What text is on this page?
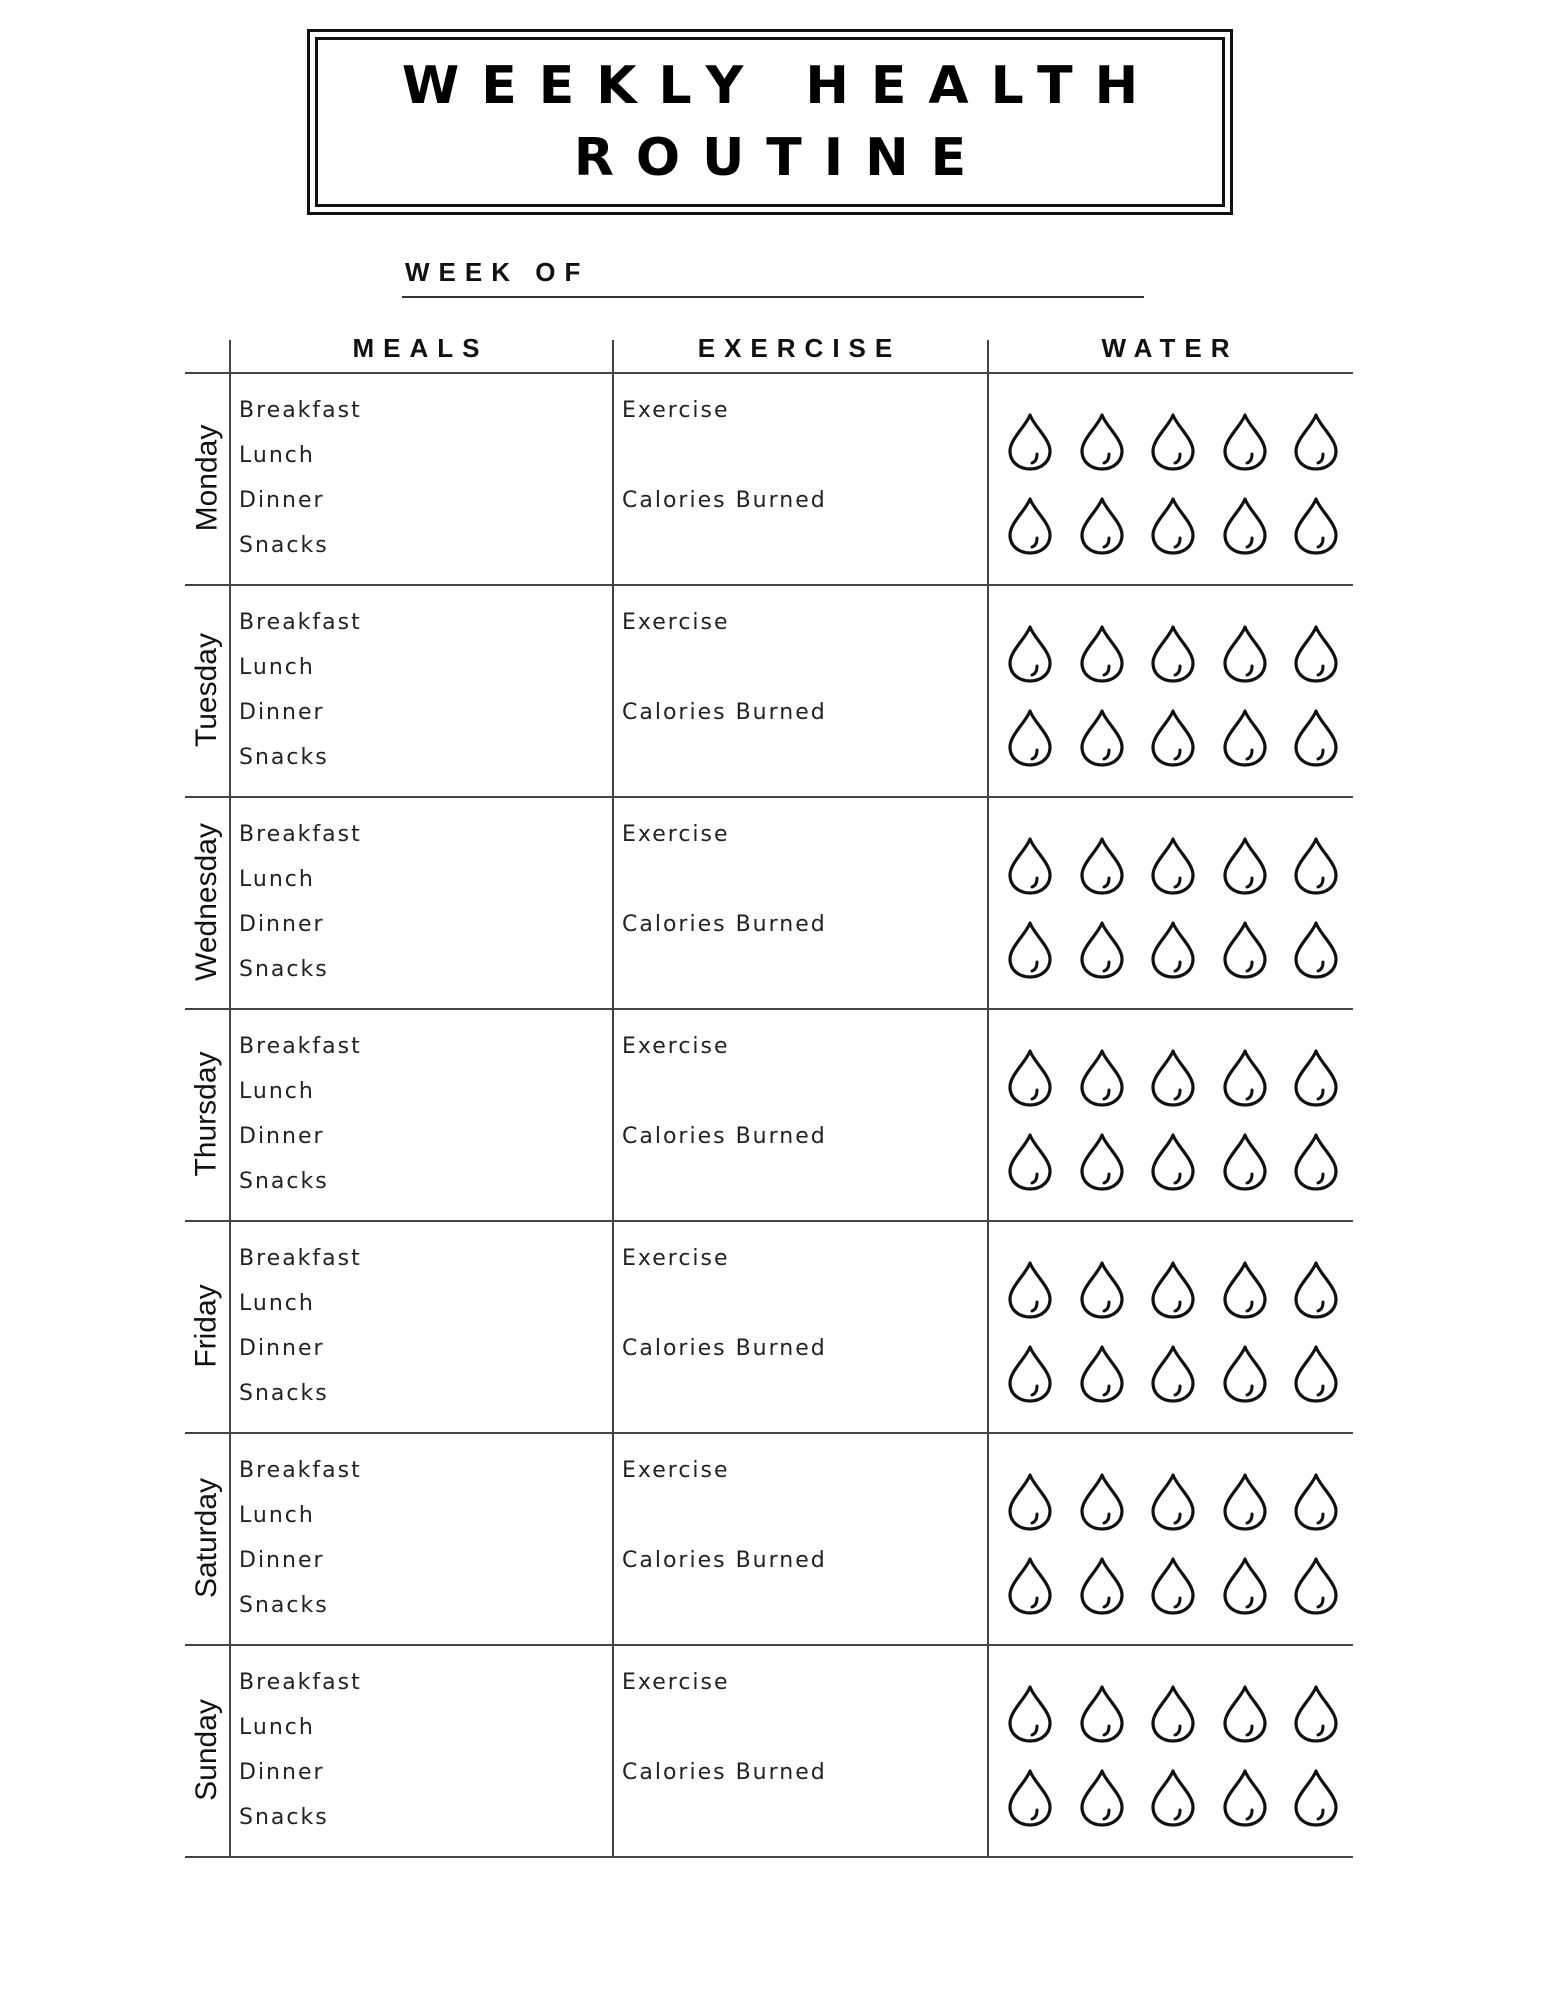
WEEKLY HEALTH
ROUTINE
WEEK OF
MEALS	EXERCISE	WATER
Monday
Breakfast
Lunch
Dinner
Snacks
Exercise
Calories Burned
Tuesday
Breakfast
Lunch
Dinner
Snacks
Exercise
Calories Burned
Wednesday Breakfast
Lunch
Dinner
Snacks
Exercise
Calories Burned
Thursday
Breakfast
Lunch
Dinner
Snacks
Exercise
Calories Burned
Friday
Breakfast
Lunch
Dinner
Snacks
Exercise
Calories Burned
Saturday
Breakfast
Lunch
Dinner
Snacks
Exercise
Calories Burned
Sunday
Breakfast
Lunch
Dinner
Snacks
Exercise
Calories Burned
